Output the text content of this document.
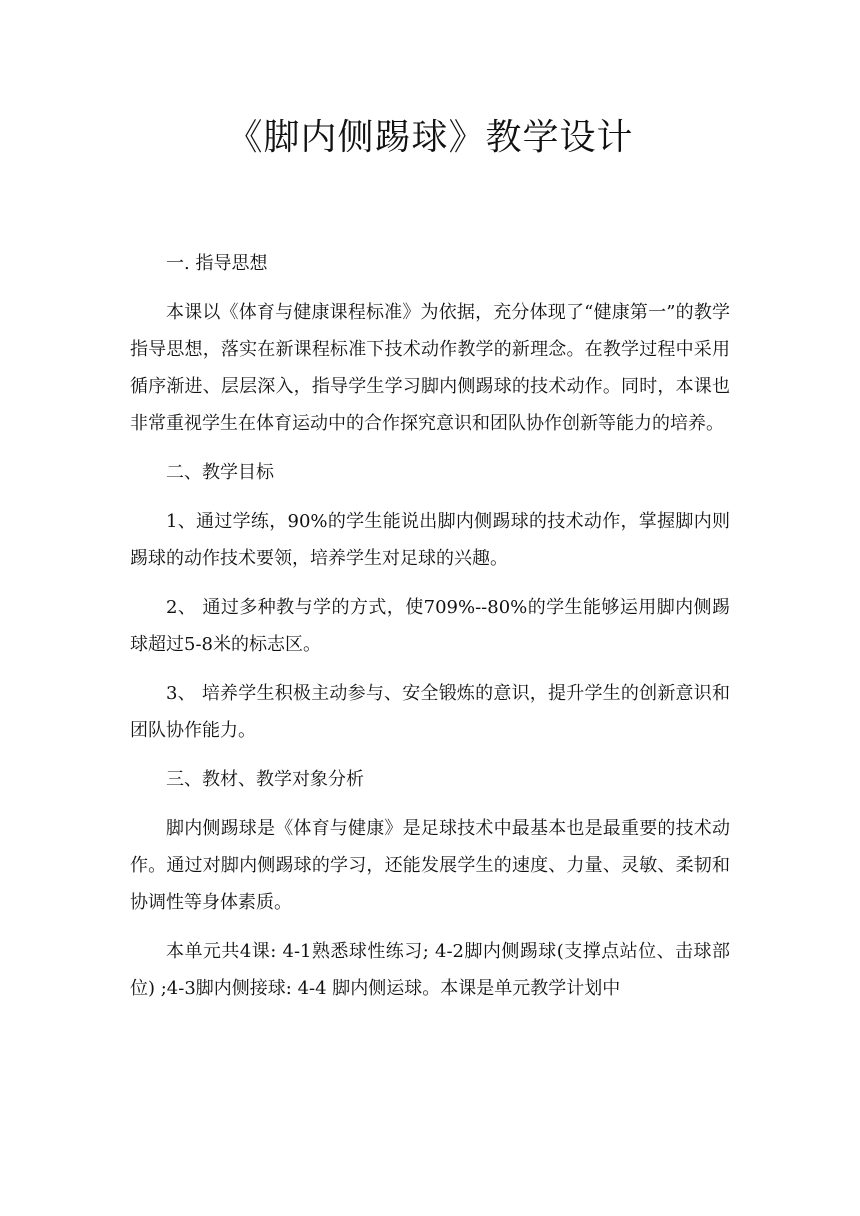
《脚内侧踢球》教学设计

一. 指导思想

本课以《体育与健康课程标准》为依据，充分体现了“健康第一”的教学指导思想，落实在新课程标准下技术动作教学的新理念。在教学过程中采用循序渐进、层层深入，指导学生学习脚内侧踢球的技术动作。同时，本课也非常重视学生在体育运动中的合作探究意识和团队协作创新等能力的培养。

二、教学目标

1、通过学练，90%的学生能说出脚内侧踢球的技术动作，掌握脚内则踢球的动作技术要领，培养学生对足球的兴趣。

2、 通过多种教与学的方式，使709%--80%的学生能够运用脚内侧踢球超过5-8米的标志区。

3、 培养学生积极主动参与、安全锻炼的意识，提升学生的创新意识和团队协作能力。

三、教材、教学对象分析

脚内侧踢球是《体育与健康》是足球技术中最基本也是最重要的技术动作。通过对脚内侧踢球的学习，还能发展学生的速度、力量、灵敏、柔韧和协调性等身体素质。

本单元共4课: 4-1熟悉球性练习; 4-2脚内侧踢球(支撑点站位、击球部位) ;4-3脚内侧接球: 4-4 脚内侧运球。本课是单元教学计划中
